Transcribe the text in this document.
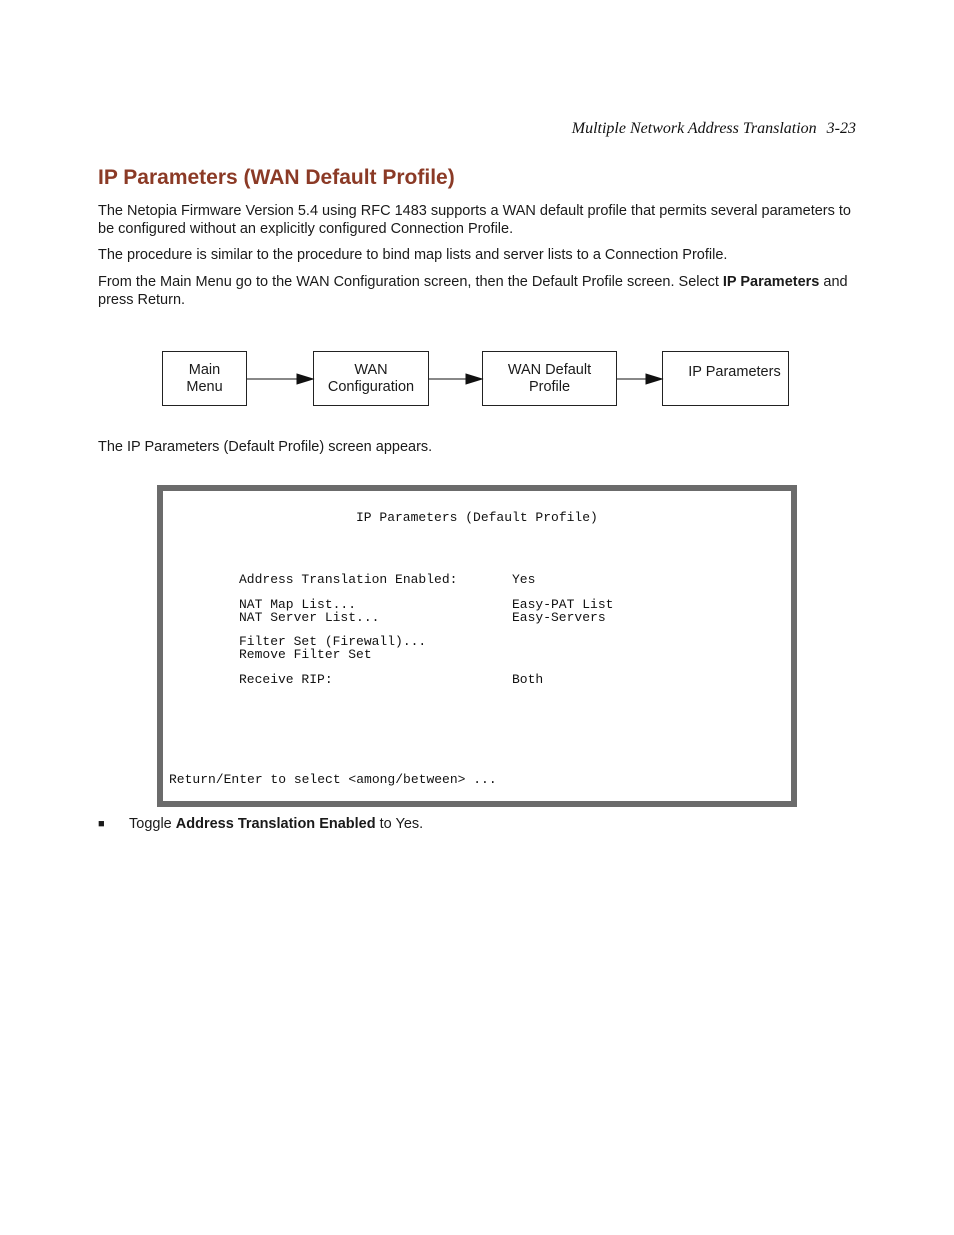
Multiple Network Address Translation 3-23
IP Parameters (WAN Default Profile)

The Netopia Firmware Version 5.4 using RFC 1483 supports a WAN default profile that permits several parameters to be configured without an explicitly configured Connection Profile.

The procedure is similar to the procedure to bind map lists and server lists to a Connection Profile.

From the Main Menu go to the WAN Configuration screen, then the Default Profile screen. Select IP Parameters and press Return.

Main
Menu
WAN
Configuration
WAN Default
Profile
IP Parameters

The IP Parameters (Default Profile) screen appears.

IP Parameters (Default Profile)
Address Translation Enabled:	Yes
NAT Map List...	Easy-PAT List
NAT Server List...	Easy-Servers
Filter Set (Firewall)...
Remove Filter Set
Receive RIP:	Both
Return/Enter to select <among/between> ...
■ Toggle Address Translation Enabled to Yes.
